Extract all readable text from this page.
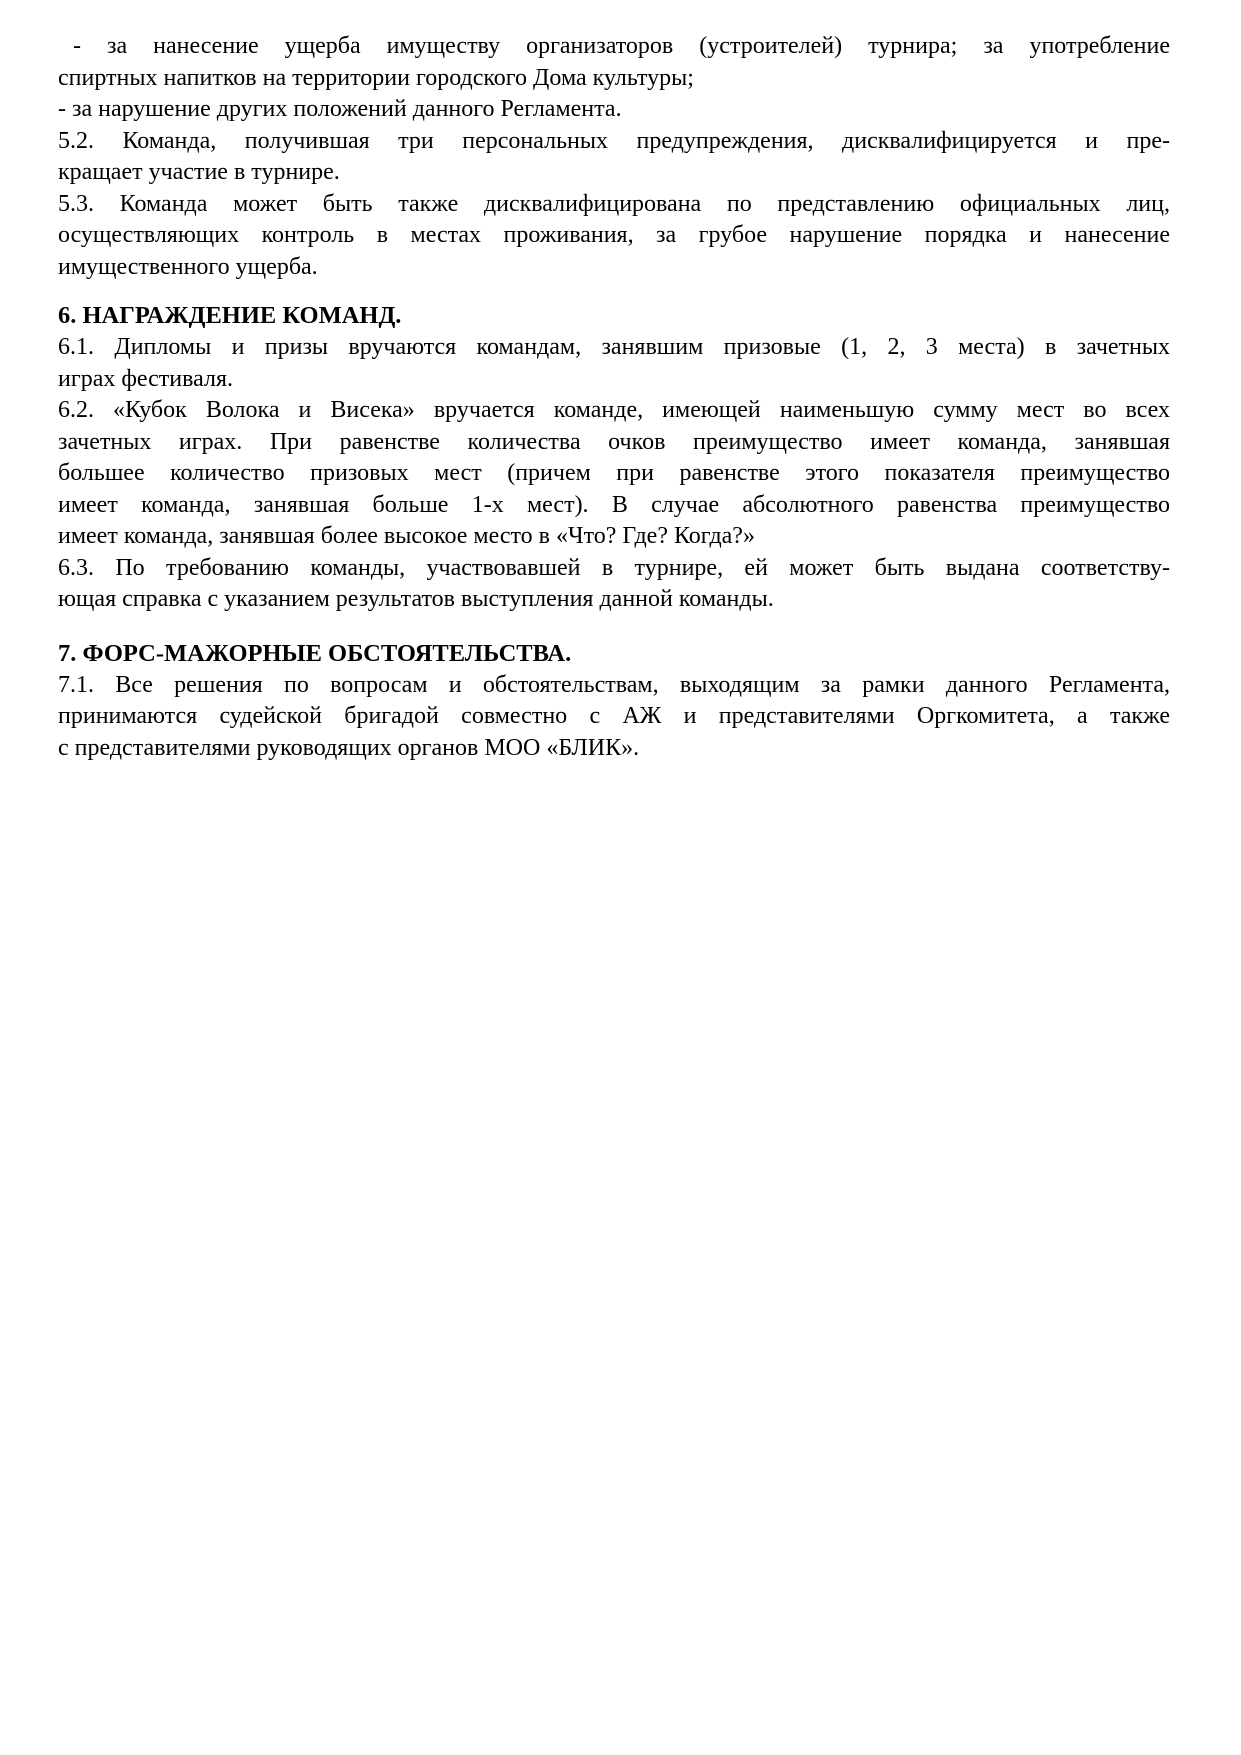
- за нанесение ущерба имуществу организаторов (устроителей) турнира; за употребление
спиртных напитков на территории городского Дома культуры;
- за нарушение других положений данного Регламента.
5.2. Команда, получившая три персональных предупреждения, дисквалифицируется и пре-
кращает участие в турнире.
5.3. Команда может быть также дисквалифицирована по представлению официальных лиц,
осуществляющих контроль в местах проживания, за грубое нарушение порядка и нанесение
имущественного ущерба.
6. НАГРАЖДЕНИЕ КОМАНД.
6.1. Дипломы и призы вручаются командам, занявшим призовые (1, 2, 3 места) в зачетных
играх фестиваля.
6.2. «Кубок Волока и Висека» вручается команде, имеющей наименьшую сумму мест во всех
зачетных играх. При равенстве количества очков преимущество имеет команда, занявшая
большее количество призовых мест (причем при равенстве этого показателя преимущество
имеет команда, занявшая больше 1-х мест). В случае абсолютного равенства преимущество
имеет команда, занявшая более высокое место в «Что? Где? Когда?»
6.3. По требованию команды, участвовавшей в турнире, ей может быть выдана соответству-
ющая справка с указанием результатов выступления данной команды.
7. ФОРС-МАЖОРНЫЕ ОБСТОЯТЕЛЬСТВА.
7.1. Все решения по вопросам и обстоятельствам, выходящим за рамки данного Регламента,
принимаются судейской бригадой совместно с АЖ и представителями Оргкомитета, а также
с представителями руководящих органов МОО «БЛИК».
